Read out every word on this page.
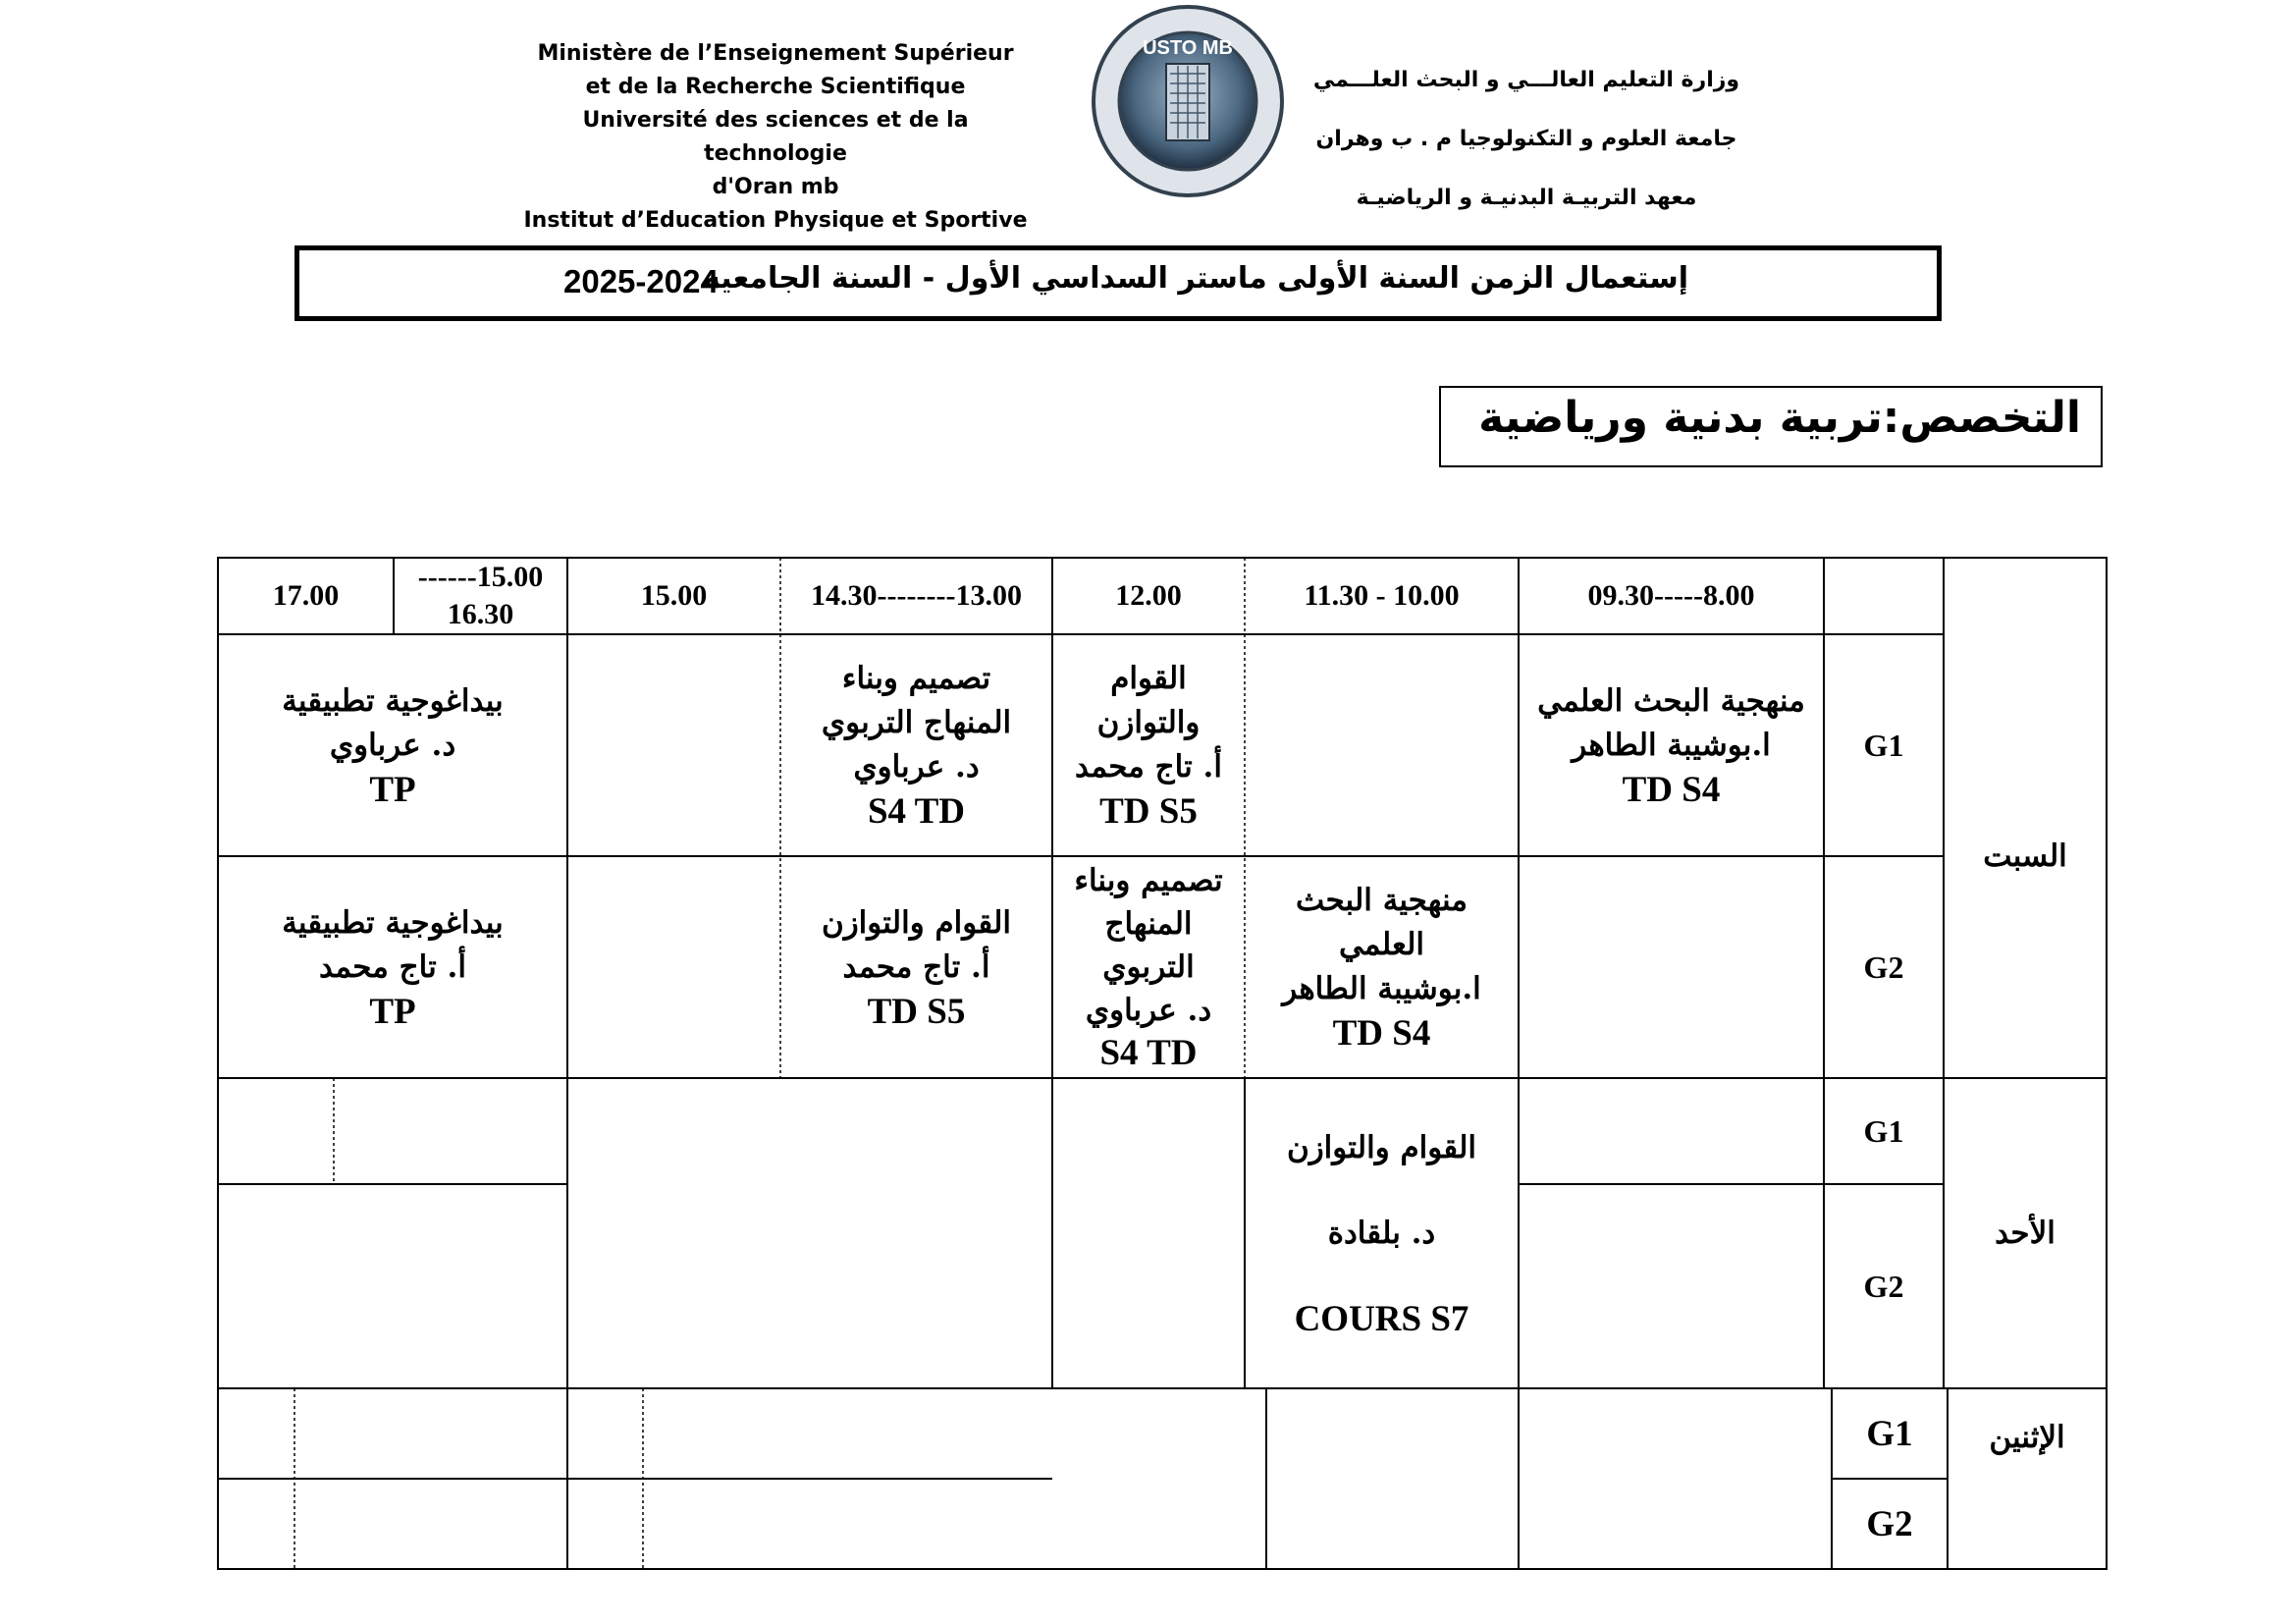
Ministère de l’Enseignement Supérieur
et de la Recherche Scientifique
Université des sciences et de la technologie
d'Oran mb
Institut d’Education Physique et Sportive
USTO MB
وزارة التعليم العالـــي و البحث العلـــمي
جامعة العلوم و التكنولوجيا م . ب وهران
معهد التربيـة البدنيـة و الرياضيـة
إستعمال الزمن السنة الأولى ماستر السداسي الأول - السنة الجامعية
2025-2024
التخصص:تربية بدنية ورياضية
09.30-----8.00
11.30 - 10.00
12.00
14.30--------13.00
15.00
------15.00
16.30
17.00
السبت
الأحد
الإثنين
G1
G2
G1
G2
G1
G2
منهجية البحث العلمي
ا.بوشيبة الطاهر
TD S4
القوام
والتوازن
أ. تاج محمد
TD S5
تصميم وبناء
المنهاج التربوي
د. عرباوي
S4 TD
بيداغوجية تطبيقية
د. عرباوي
TP
منهجية البحث
العلمي
ا.بوشيبة الطاهر
TD S4
تصميم وبناء
المنهاج
التربوي
د. عرباوي
S4 TD
القوام والتوازن
أ. تاج محمد
TD S5
بيداغوجية تطبيقية
أ. تاج محمد
TP
القوام والتوازن
د. بلقادة
COURS S7
